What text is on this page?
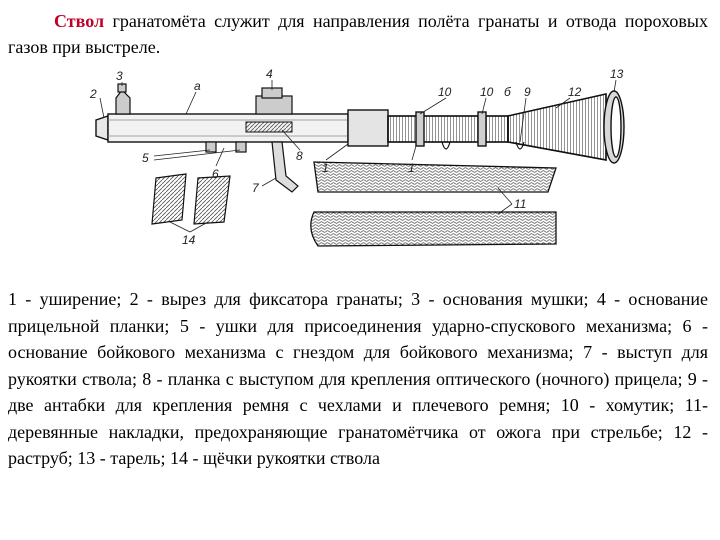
Ствол гранатомёта служит для направления полёта гранаты и отвода пороховых газов при выстреле.

2
3
а
4
5
6
7
8
1	1
10 10 б 9	12
13
11
14

1 - уширение; 2 - вырез для фиксатора гранаты; 3 - основания мушки; 4 - основание прицельной планки; 5 - ушки для присоединения ударно-спускового механизма; 6 - основание бойкового механизма с гнездом для бойкового механизма; 7 - выступ для рукоятки ствола; 8 - планка с выступом для крепления оптического (ночного) прицела; 9 - две антабки для крепления ремня с чехлами и плечевого ремня; 10 - хомутик; 11- деревянные накладки, предохраняющие гранатомётчика от ожога при стрельбе; 12 - раструб; 13 - тарель; 14 - щёчки рукоятки ствола
